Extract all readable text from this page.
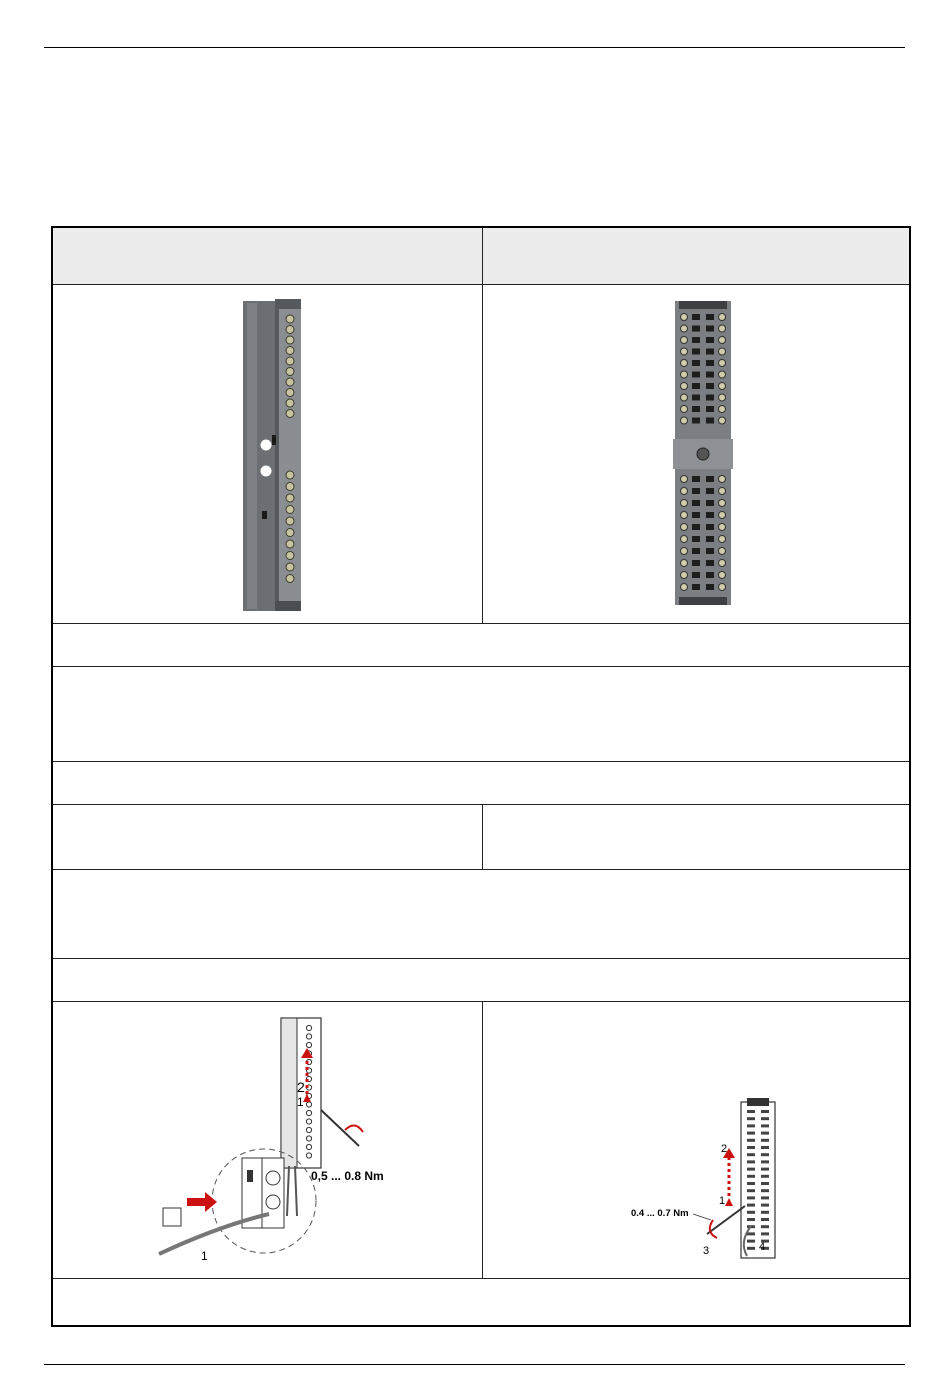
2
1
0,5 ... 0.8 Nm
1	2
1
0.4 ... 0.7 Nm
3 4
